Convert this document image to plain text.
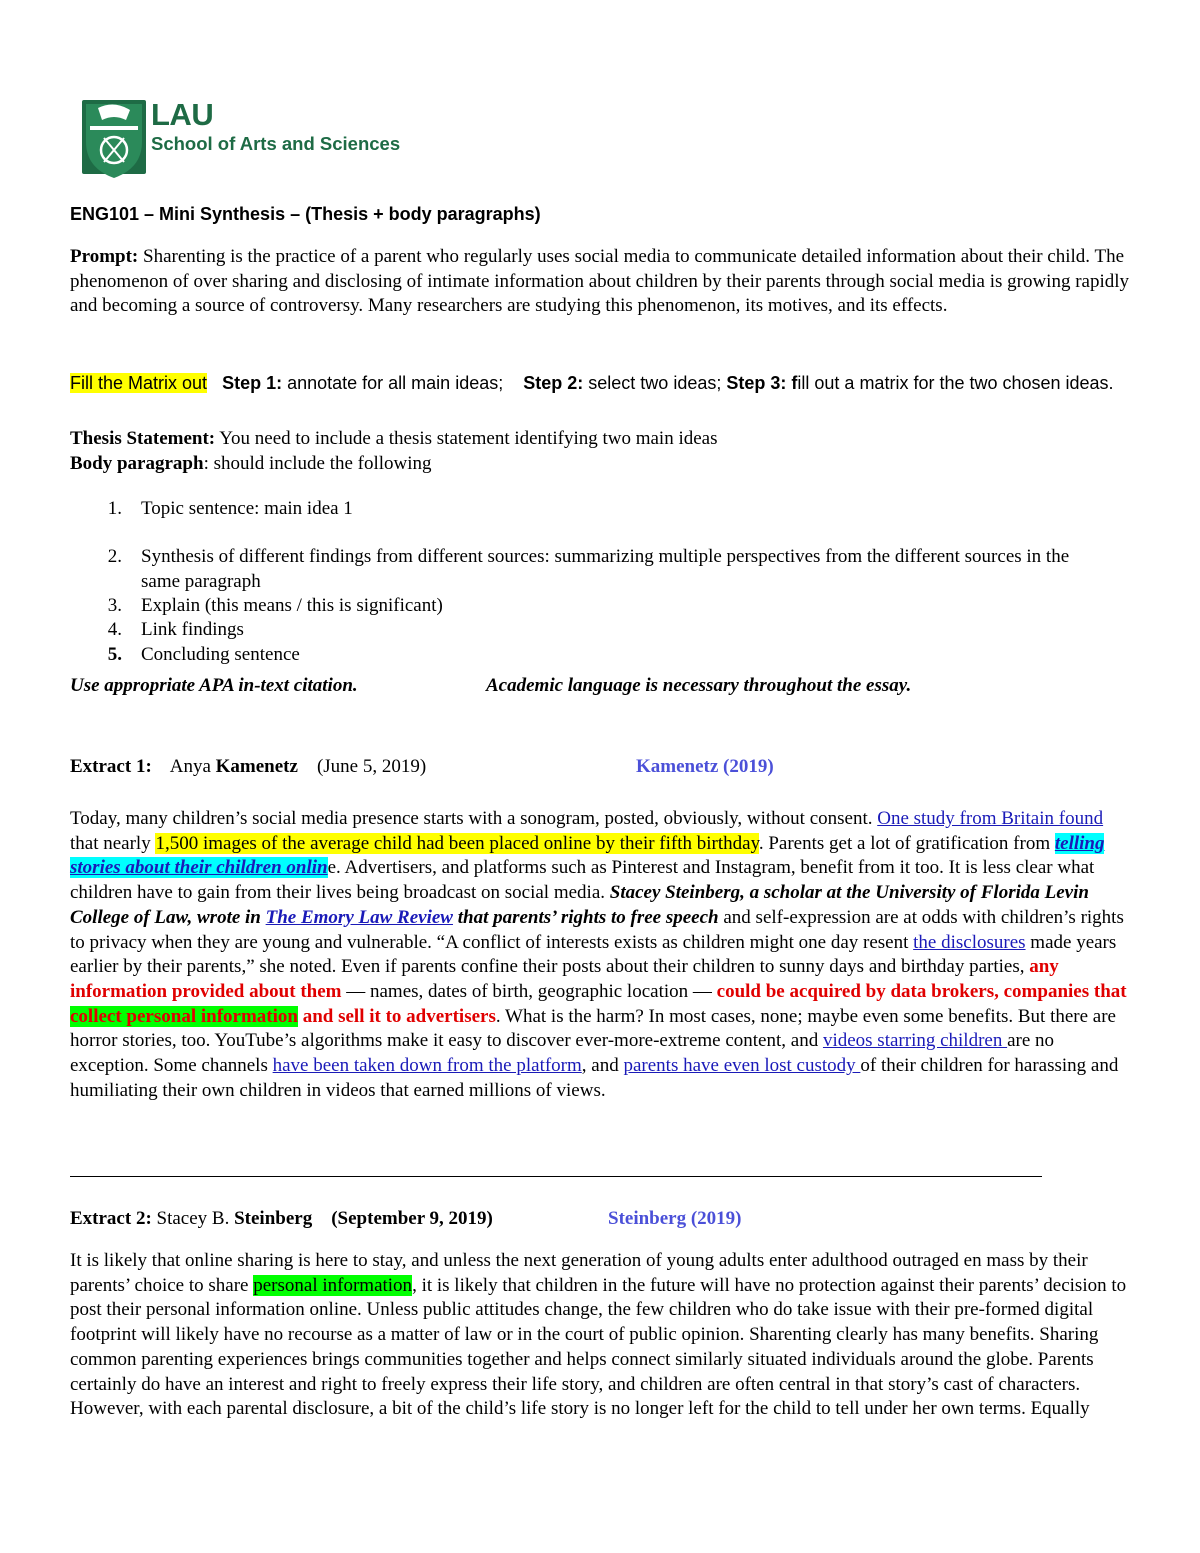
LAU
School of Arts and Sciences
ENG101 – Mini Synthesis – (Thesis + body paragraphs)
Prompt: Sharenting is the practice of a parent who regularly uses social media to communicate detailed information about their child. The phenomenon of over sharing and disclosing of intimate information about children by their parents through social media is growing rapidly and becoming a source of controversy. Many researchers are studying this phenomenon, its motives, and its effects.
Fill the Matrix out Step 1: annotate for all main ideas; Step 2: select two ideas; Step 3: fill out a matrix for the two chosen ideas.
Thesis Statement: You need to include a thesis statement identifying two main ideas
Body paragraph: should include the following
1. Topic sentence: main idea 1
2. Synthesis of different findings from different sources: summarizing multiple perspectives from the different sources in the same paragraph
3. Explain (this means / this is significant)
4. Link findings
5. Concluding sentence
Use appropriate APA in-text citation.	Academic language is necessary throughout the essay.
Extract 1: Anya Kamenetz (June 5, 2019)	Kamenetz (2019)
Today, many children’s social media presence starts with a sonogram, posted, obviously, without consent. One study from Britain found that nearly 1,500 images of the average child had been placed online by their fifth birthday. Parents get a lot of gratification from telling stories about their children online. Advertisers, and platforms such as Pinterest and Instagram, benefit from it too. It is less clear what children have to gain from their lives being broadcast on social media. Stacey Steinberg, a scholar at the University of Florida Levin College of Law, wrote in The Emory Law Review that parents’ rights to free speech and self-expression are at odds with children’s rights to privacy when they are young and vulnerable. “A conflict of interests exists as children might one day resent the disclosures made years earlier by their parents,” she noted. Even if parents confine their posts about their children to sunny days and birthday parties, any information provided about them — names, dates of birth, geographic location — could be acquired by data brokers, companies that collect personal information and sell it to advertisers. What is the harm? In most cases, none; maybe even some benefits. But there are horror stories, too. YouTube’s algorithms make it easy to discover ever-more-extreme content, and videos starring children are no exception. Some channels have been taken down from the platform, and parents have even lost custody of their children for harassing and humiliating their own children in videos that earned millions of views.
Extract 2: Stacey B. Steinberg (September 9, 2019)	Steinberg (2019)
It is likely that online sharing is here to stay, and unless the next generation of young adults enter adulthood outraged en mass by their parents’ choice to share personal information, it is likely that children in the future will have no protection against their parents’ decision to post their personal information online. Unless public attitudes change, the few children who do take issue with their pre-formed digital footprint will likely have no recourse as a matter of law or in the court of public opinion. Sharenting clearly has many benefits. Sharing common parenting experiences brings communities together and helps connect similarly situated individuals around the globe. Parents certainly do have an interest and right to freely express their life story, and children are often central in that story’s cast of characters. However, with each parental disclosure, a bit of the child’s life story is no longer left for the child to tell under her own terms. Equally
